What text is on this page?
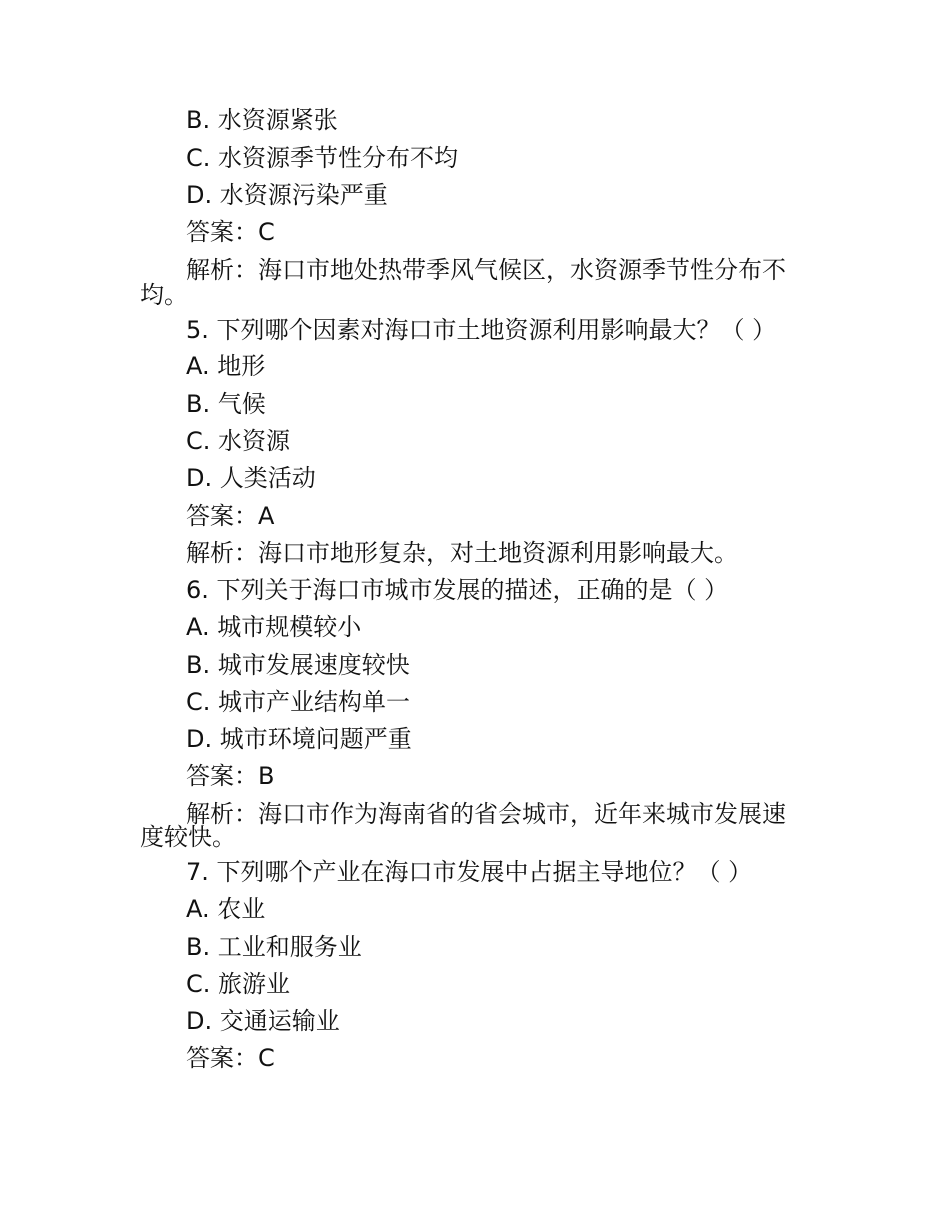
B. 水资源紧张
C. 水资源季节性分布不均
D. 水资源污染严重
答案：C
解析：海口市地处热带季风气候区，水资源季节性分布不
均。
5. 下列哪个因素对海口市土地资源利用影响最大？（ ）
A. 地形
B. 气候
C. 水资源
D. 人类活动
答案：A
解析：海口市地形复杂，对土地资源利用影响最大。
6. 下列关于海口市城市发展的描述，正确的是（ ）
A. 城市规模较小
B. 城市发展速度较快
C. 城市产业结构单一
D. 城市环境问题严重
答案：B
解析：海口市作为海南省的省会城市，近年来城市发展速
度较快。
7. 下列哪个产业在海口市发展中占据主导地位？（ ）
A. 农业
B. 工业和服务业
C. 旅游业
D. 交通运输业
答案：C
